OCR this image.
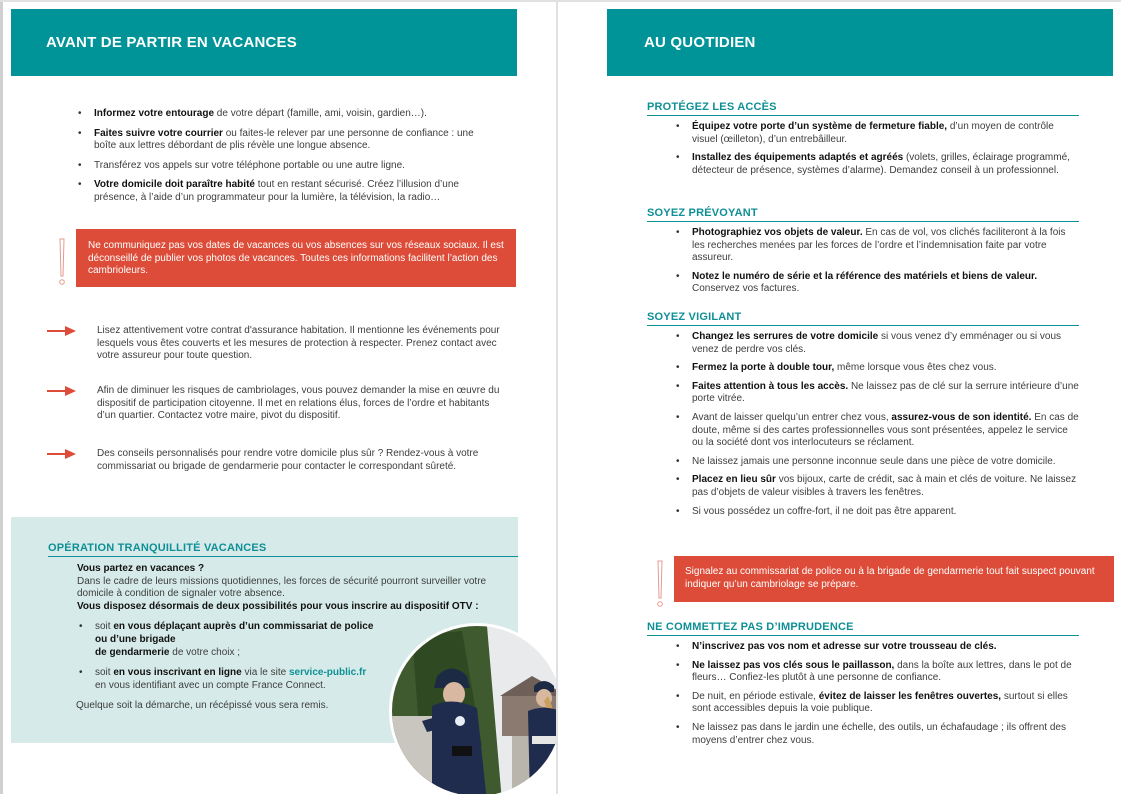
AVANT DE PARTIR EN VACANCES
• Informez votre entourage de votre départ (famille, ami, voisin, gardien…).
• Faites suivre votre courrier ou faites-le relever par une personne de confiance : une boîte aux lettres débordant de plis révèle une longue absence.
• Transférez vos appels sur votre téléphone portable ou une autre ligne.
• Votre domicile doit paraître habité tout en restant sécurisé. Créez l’illusion d’une présence, à l’aide d’un programmateur pour la lumière, la télévision, la radio…
Ne communiquez pas vos dates de vacances ou vos absences sur vos réseaux sociaux. Il est déconseillé de publier vos photos de vacances. Toutes ces informations facilitent l’action des cambrioleurs.

Lisez attentivement votre contrat d'assurance habitation. Il mentionne les événements pour lesquels vous êtes couverts et les mesures de protection à respecter. Prenez contact avec votre assureur pour toute question.

Afin de diminuer les risques de cambriolages, vous pouvez demander la mise en œuvre du dispositif de participation citoyenne. Il met en relations élus, forces de l’ordre et habitants d’un quartier. Contactez votre maire, pivot du dispositif.

Des conseils personnalisés pour rendre votre domicile plus sûr ? Rendez-vous à votre commissariat ou brigade de gendarmerie pour contacter le correspondant sûreté.

OPÉRATION TRANQUILLITÉ VACANCES
Vous partez en vacances ?
Dans le cadre de leurs missions quotidiennes, les forces de sécurité pourront surveiller votre domicile à condition de signaler votre absence.
Vous disposez désormais de deux possibilités pour vous inscrire au dispositif OTV :
• soit en vous déplaçant auprès d’un commissariat de police
ou d’une brigade
de gendarmerie de votre choix ;
• soit en vous inscrivant en ligne via le site service-public.fr
en vous identifiant avec un compte France Connect.
Quelque soit la démarche, un récépissé vous sera remis.
AU QUOTIDIEN
PROTÉGEZ LES ACCÈS
• Équipez votre porte d’un système de fermeture fiable, d’un moyen de contrôle visuel (œilleton), d’un entrebâilleur.
• Installez des équipements adaptés et agréés (volets, grilles, éclairage programmé, détecteur de présence, systèmes d’alarme). Demandez conseil à un professionnel.
SOYEZ PRÉVOYANT
• Photographiez vos objets de valeur. En cas de vol, vos clichés faciliteront à la fois les recherches menées par les forces de l’ordre et l’indemnisation faite par votre assureur.
• Notez le numéro de série et la référence des matériels et biens de valeur. Conservez vos factures.
SOYEZ VIGILANT
• Changez les serrures de votre domicile si vous venez d’y emménager ou si vous venez de perdre vos clés.
• Fermez la porte à double tour, même lorsque vous êtes chez vous.
• Faites attention à tous les accès. Ne laissez pas de clé sur la serrure intérieure d’une porte vitrée.
• Avant de laisser quelqu’un entrer chez vous, assurez-vous de son identité. En cas de doute, même si des cartes professionnelles vous sont présentées, appelez le service ou la société dont vos interlocuteurs se réclament.
• Ne laissez jamais une personne inconnue seule dans une pièce de votre domicile.
• Placez en lieu sûr vos bijoux, carte de crédit, sac à main et clés de voiture. Ne laissez pas d’objets de valeur visibles à travers les fenêtres.
• Si vous possédez un coffre-fort, il ne doit pas être apparent.
Signalez au commissariat de police ou à la brigade de gendarmerie tout fait suspect pouvant indiquer qu’un cambriolage se prépare.
NE COMMETTEZ PAS D’IMPRUDENCE
• N’inscrivez pas vos nom et adresse sur votre trousseau de clés.
• Ne laissez pas vos clés sous le paillasson, dans la boîte aux lettres, dans le pot de fleurs… Confiez-les plutôt à une personne de confiance.
• De nuit, en période estivale, évitez de laisser les fenêtres ouvertes, surtout si elles sont accessibles depuis la voie publique.
• Ne laissez pas dans le jardin une échelle, des outils, un échafaudage ; ils offrent des moyens d’entrer chez vous.
